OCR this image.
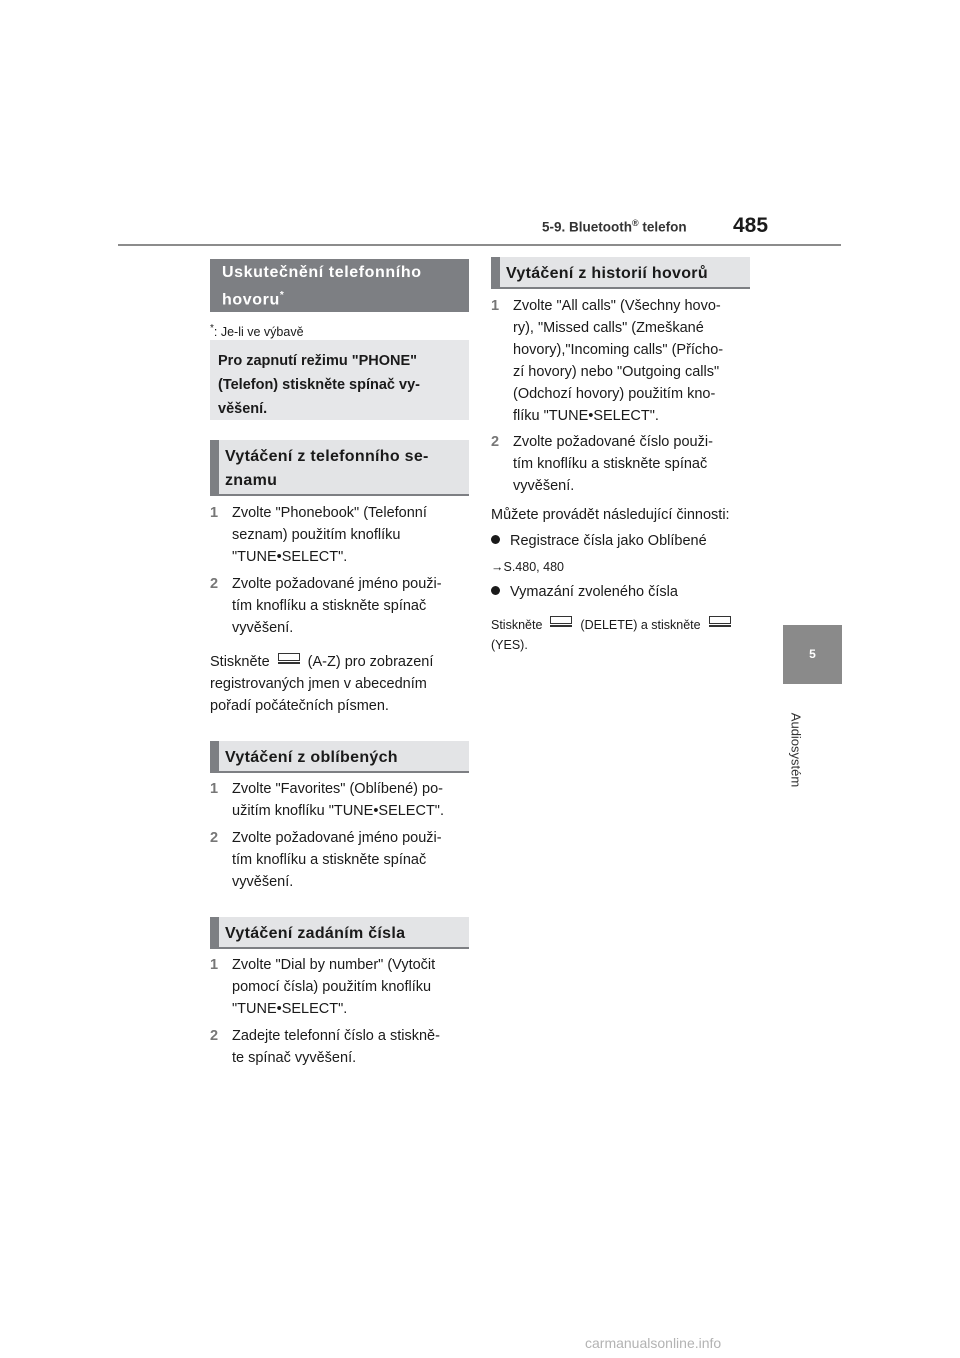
5-9. Bluetooth® telefon 485
5
Audiosystém
Uskutečnění telefonního hovoru*
*: Je-li ve výbavě
Pro zapnutí režimu "PHONE"
(Telefon) stiskněte spínač vy-
věšení.
Vytáčení z telefonního se-
znamu
1 Zvolte "Phonebook" (Telefonní
seznam) použitím knoflíku
"TUNE•SELECT".
2 Zvolte požadované jméno použi-
tím knoflíku a stiskněte spínač
vyvěšení.
Stiskněte	(A-Z) pro zobrazení
registrovaných jmen v abecedním
pořadí počátečních písmen.
Vytáčení z oblíbených
1 Zvolte "Favorites" (Oblíbené) po-
užitím knoflíku "TUNE•SELECT".
2 Zvolte požadované jméno použi-
tím knoflíku a stiskněte spínač
vyvěšení.
Vytáčení zadáním čísla
1 Zvolte "Dial by number" (Vytočit
pomocí čísla) použitím knoflíku
"TUNE•SELECT".
2 Zadejte telefonní číslo a stiskně-
te spínač vyvěšení.
Vytáčení z historií hovorů
1 Zvolte "All calls" (Všechny hovo-
ry), "Missed calls" (Zmeškané
hovory),"Incoming calls" (Přícho-
zí hovory) nebo "Outgoing calls"
(Odchozí hovory) použitím kno-
flíku "TUNE•SELECT".
2 Zvolte požadované číslo použi-
tím knoflíku a stiskněte spínač
vyvěšení.
Můžete provádět následující činnosti:
Registrace čísla jako Oblíbené
→S.480, 480
Vymazání zvoleného čísla
Stiskněte	(DELETE) a stiskněte
(YES).
carmanualsonline.info
